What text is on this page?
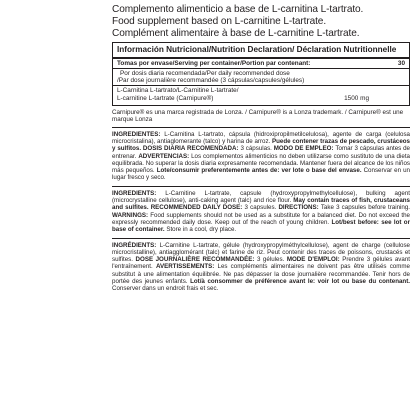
Complemento alimenticio a base de L-carnitina L-tartrato.
Food supplement based on L-carnitine L-tartrate.
Complément alimentaire à base de L-carnitine L-tartrate.
Información Nutricional/Nutrition Declaration/ Déclaration Nutritionnelle
Tomas por envase/Serving per container/Portion par contenant:	30
Por dosis diaria recomendada/Per daily recommended dose
/Par dose journalière recommandée (3 cápsulas/capsules/gélules)
L-Carnitina L-tartrato/L-Carnitine L-tartrate/
L-carnitine L-tartrate (Carnipure®)	1500 mg
Carnipure® es una marca registrada de Lonza. / Carnipure® is a Lonza trademark. / Carnipure® est une marque Lonza
INGREDIENTES: L-Carnitina L-tartrato, cápsula (hidroxipropilmetilcelulosa), agente de carga (celulosa microcristalina), antiaglomerante (talco) y harina de arroz. Puede contener trazas de pescado, crustáceos y sulfitos. DOSIS DIARIA RECOMENDADA: 3 cápsulas. MODO DE EMPLEO: Tomar 3 cápsulas antes de entrenar. ADVERTENCIAS: Los complementos alimenticios no deben utilizarse como sustituto de una dieta equilibrada. No superar la dosis diaria expresamente recomendada. Mantener fuera del alcance de los niños más pequeños. Lote/consumir preferentemente antes de: ver lote o base del envase. Conservar en un lugar fresco y seco.
INGREDIENTS: L-Carnitine L-tartrate, capsule (hydroxypropylmethylcellulose), bulking agent (microcrystalline cellulose), anti-caking agent (talc) and rice flour. May contain traces of fish, crustaceans and sulfites. RECOMMENDED DAILY DOSE: 3 capsules. DIRECTIONS: Take 3 capsules before training. WARNINGS: Food supplements should not be used as a substitute for a balanced diet. Do not exceed the expressly recommended daily dose. Keep out of the reach of young children. Lot/best before: see lot or base of container. Store in a cool, dry place.
INGRÉDIENTS: L-Carnitine L-tartrate, gélule (hydroxypropylméthylcellulose), agent de charge (cellulose microcristalline), antiagglomérant (talc) et farine de riz. Peut contenir des traces de poissons, crustacés et sulfites. DOSE JOURNALIÈRE RECOMMANDÉE: 3 gélules. MODE D'EMPLOI: Prendre 3 gélules avant l'entraînement. AVERTISSEMENTS: Les compléments alimentaires ne doivent pas être utilisés comme substitut à une alimentation équilibrée. Ne pas dépasser la dose journalière recommandée. Tenir hors de portée des jeunes enfants. Lot/à consommer de préférence avant le: voir lot ou base du contenant. Conserver dans un endroit frais et sec.
